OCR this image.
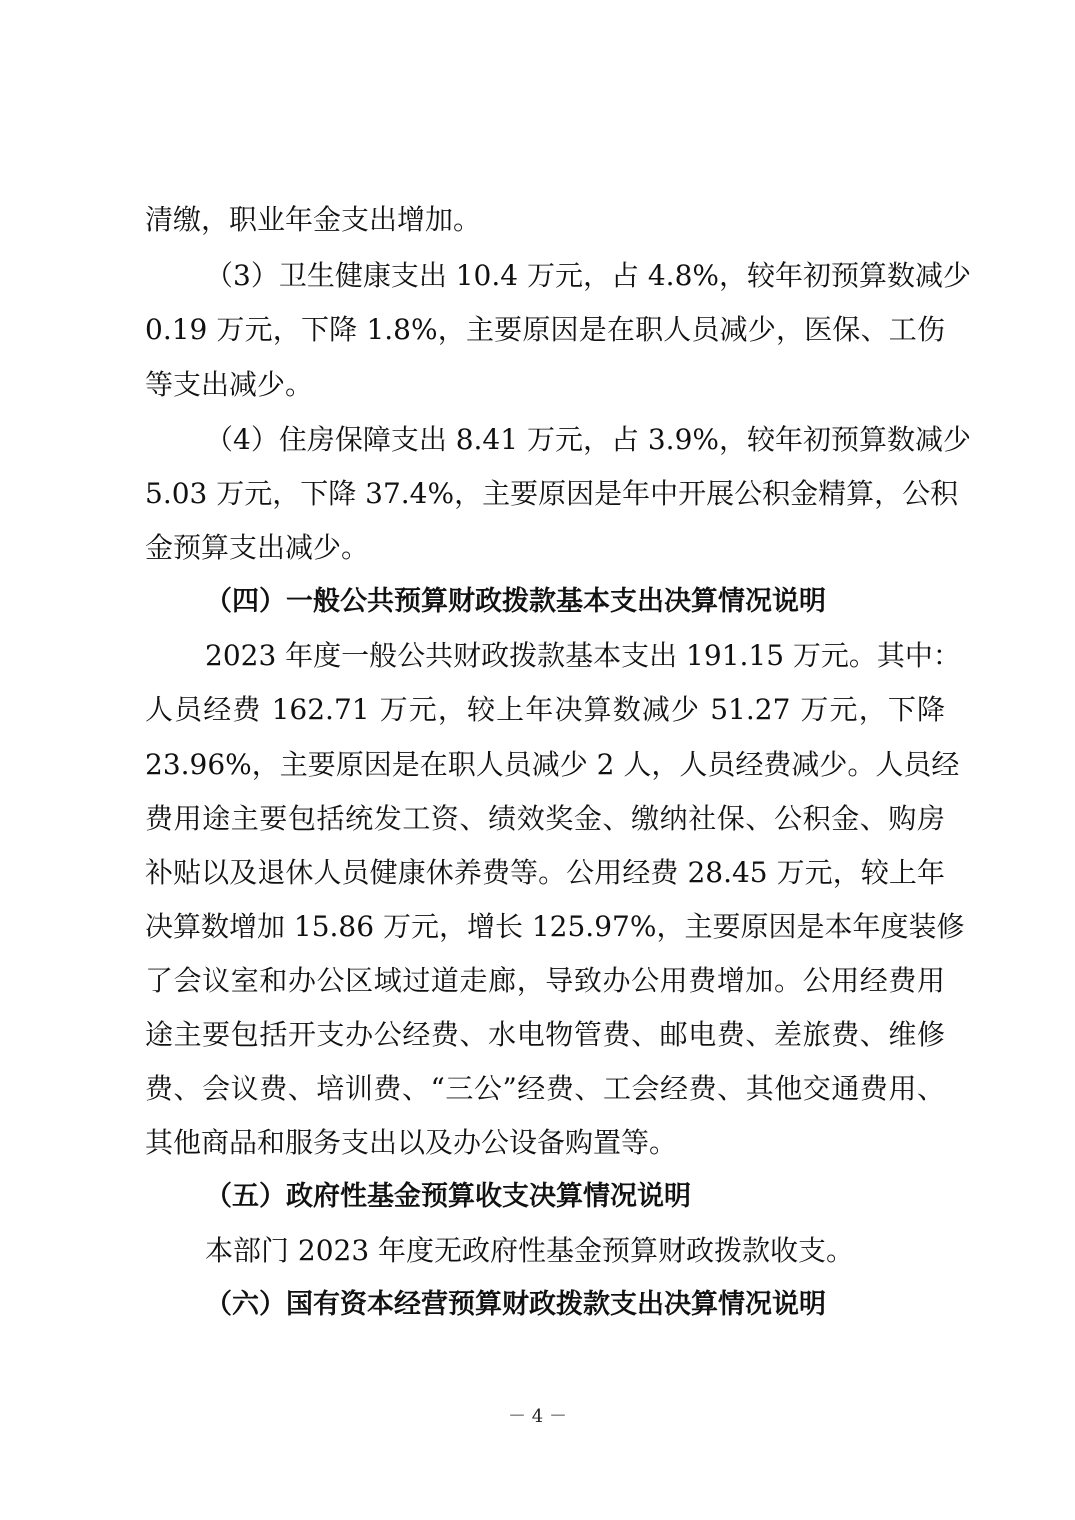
清缴，职业年金支出增加。
（3）卫生健康支出 10.4 万元，占 4.8%，较年初预算数减少
0.19 万元，下降 1.8%，主要原因是在职人员减少，医保、工伤
等支出减少。
（4）住房保障支出 8.41 万元，占 3.9%，较年初预算数减少
5.03 万元，下降 37.4%，主要原因是年中开展公积金精算，公积
金预算支出减少。
（四）一般公共预算财政拨款基本支出决算情况说明
2023 年度一般公共财政拨款基本支出 191.15 万元。其中：
人员经费 162.71 万元，较上年决算数减少 51.27 万元，下降
23.96%，主要原因是在职人员减少 2 人，人员经费减少。人员经
费用途主要包括统发工资、绩效奖金、缴纳社保、公积金、购房
补贴以及退休人员健康休养费等。公用经费 28.45 万元，较上年
决算数增加 15.86 万元，增长 125.97%，主要原因是本年度装修
了会议室和办公区域过道走廊，导致办公用费增加。公用经费用
途主要包括开支办公经费、水电物管费、邮电费、差旅费、维修
费、会议费、培训费、“三公”经费、工会经费、其他交通费用、
其他商品和服务支出以及办公设备购置等。
（五）政府性基金预算收支决算情况说明
本部门 2023 年度无政府性基金预算财政拨款收支。
（六）国有资本经营预算财政拨款支出决算情况说明
－ 4 －
